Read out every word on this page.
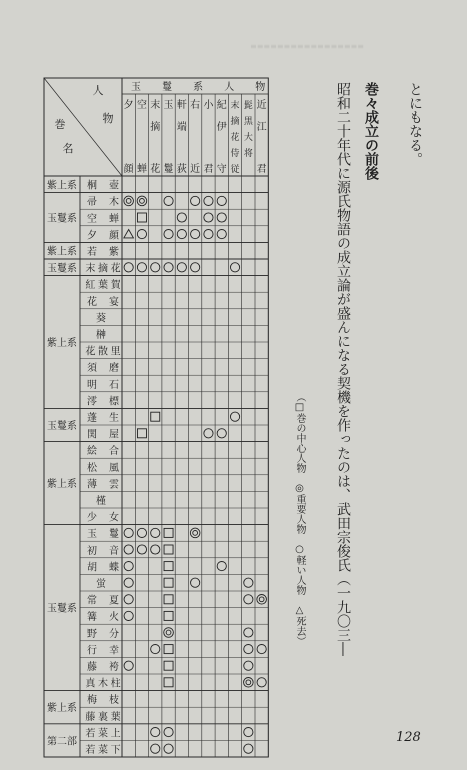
≡≡≡≡≡≡≡≡≡≡≡≡≡≡≡≡≡
とにもなる。
巻々成立の前後
昭和二十年代に源氏物語の成立論が盛んになる契機を作ったのは、武田宗俊氏（一九〇三―
（□巻の中心人物　◎重要人物　○軽い人物　△死去）
128
人
物
巻
名
玉 鬘 系 人 物
夕
顔
空
蝉
末
摘
花
玉
鬘
軒
端
荻
右
近
小
君
紀
伊
守
末
摘
花
侍
従
髭
黒
大
将
近
江
君
紫上系
玉鬘系
紫上系
玉鬘系
紫上系
玉鬘系
紫上系
玉鬘系
紫上系
第二部
桐 壺
帚 木
空 蝉
夕 顔
若 紫
末 摘 花
紅 葉 賀
花 宴
葵
榊
花 散 里
須 磨
明 石
澪 標
蓬 生
関 屋
絵 合
松 風
薄 雲
槿
少 女
玉 鬘
初 音
胡 蝶
蛍
常 夏
篝 火
野 分
行 幸
藤 袴
真 木 柱
梅 枝
藤 裏 葉
若 菜 上
若 菜 下
